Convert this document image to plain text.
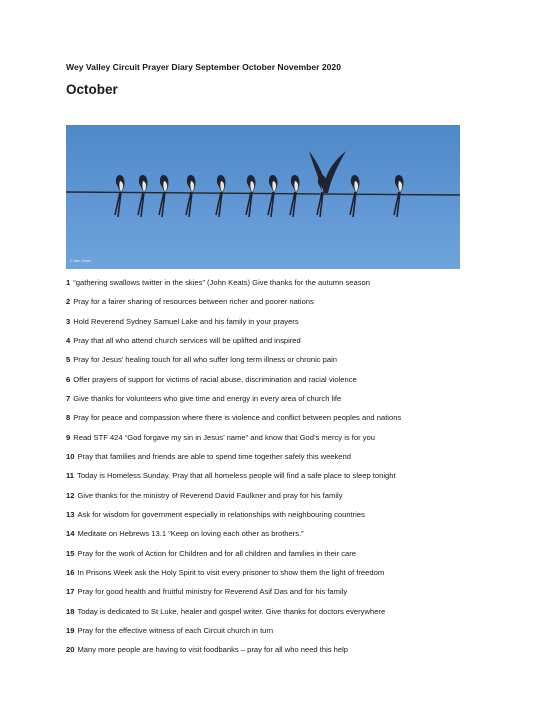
Wey Valley Circuit Prayer Diary September October November 2020
October
© Alan Jones
1 “gathering swallows twitter in the skies” (John Keats) Give thanks for the autumn season
2 Pray for a fairer sharing of resources between richer and poorer nations
3 Hold Reverend Sydney Samuel Lake and his family in your prayers
4 Pray that all who attend church services will be uplifted and inspired
5 Pray for Jesus’ healing touch for all who suffer long term illness or chronic pain
6 Offer prayers of support for victims of racial abuse, discrimination and racial violence
7 Give thanks for volunteers who give time and energy in every area of church life
8 Pray for peace and compassion where there is violence and conflict between peoples and nations
9 Read STF 424 “God forgave my sin in Jesus’ name” and know that God’s mercy is for you
10 Pray that families and friends are able to spend time together safely this weekend
11 Today is Homeless Sunday. Pray that all homeless people will find a safe place to sleep tonight
12 Give thanks for the ministry of Reverend David Faulkner and pray for his family
13 Ask for wisdom for government especially in relationships with neighbouring countries
14 Meditate on Hebrews 13.1 “Keep on loving each other as brothers.”
15 Pray for the work of Action for Children and for all children and families in their care
16 In Prisons Week ask the Holy Spirit to visit every prisoner to show them the light of freedom
17 Pray for good health and fruitful ministry for Reverend Asif Das and for his family
18 Today is dedicated to St Luke, healer and gospel writer. Give thanks for doctors everywhere
19 Pray for the effective witness of each Circuit church in turn
20 Many more people are having to visit foodbanks – pray for all who need this help
